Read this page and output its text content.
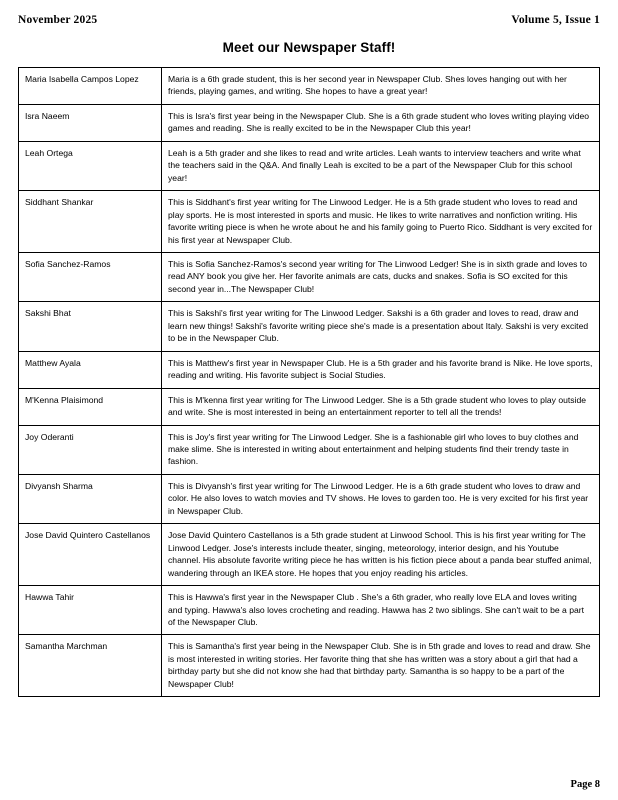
November 2025	Volume 5, Issue 1
Meet our Newspaper Staff!
Maria Isabella Campos Lopez	Maria is a 6th grade student, this is her second year in Newspaper Club. Shes loves hanging out with her friends, playing games, and writing. She hopes to have a great year!
Isra Naeem	This is Isra's first year being in the Newspaper Club. She is a 6th grade student who loves writing playing video games and reading. She is really excited to be in the Newspaper Club this year!
Leah Ortega	Leah is a 5th grader and she likes to read and write articles. Leah wants to interview teachers and write what the teachers said in the Q&A. And finally Leah is excited to be a part of the Newspaper Club for this school year!
Siddhant Shankar	This is Siddhant's first year writing for The Linwood Ledger. He is a 5th grade student who loves to read and play sports. He is most interested in sports and music. He likes to write narratives and nonfiction writing. His favorite writing piece is when he wrote about he and his family going to Puerto Rico. Siddhant is very excited for his first year at Newspaper Club.
Sofia Sanchez-Ramos	This is Sofia Sanchez-Ramos's second year writing for The Linwood Ledger! She is in sixth grade and loves to read ANY book you give her. Her favorite animals are cats, ducks and snakes. Sofia is SO excited for this second year in...The Newspaper Club!
Sakshi Bhat	This is Sakshi's first year writing for The Linwood Ledger. Sakshi is a 6th grader and loves to read, draw and learn new things! Sakshi's favorite writing piece she's made is a presentation about Italy. Sakshi is very excited to be in the Newspaper Club.
Matthew Ayala	This is Matthew's first year in Newspaper Club. He is a 5th grader and his favorite brand is Nike. He love sports, reading and writing. His favorite subject is Social Studies.
M'Kenna Plaisimond	This is M'kenna first year writing for The Linwood Ledger. She is a 5th grade student who loves to play outside and write. She is most interested in being an entertainment reporter to tell all the trends!
Joy Oderanti	This is Joy's first year writing for The Linwood Ledger. She is a fashionable girl who loves to buy clothes and make slime. She is interested in writing about entertainment and helping students find their trendy taste in fashion.
Divyansh Sharma	This is Divyansh's first year writing for The Linwood Ledger. He is a 6th grade student who loves to draw and color. He also loves to watch movies and TV shows. He loves to garden too. He is very excited for his first year in Newspaper Club.
Jose David Quintero Castellanos	Jose David Quintero Castellanos is a 5th grade student at Linwood School. This is his first year writing for The Linwood Ledger. Jose's interests include theater, singing, meteorology, interior design, and his Youtube channel. His absolute favorite writing piece he has written is his fiction piece about a panda bear stuffed animal, wandering through an IKEA store. He hopes that you enjoy reading his articles.
Hawwa Tahir	This is Hawwa's first year in the Newspaper Club . She's a 6th grader, who really love ELA and loves writing and typing. Hawwa's also loves crocheting and reading. Hawwa has 2 two siblings. She can't wait to be a part of the Newspaper Club.
Samantha Marchman	This is Samantha's first year being in the Newspaper Club. She is in 5th grade and loves to read and draw. She is most interested in writing stories. Her favorite thing that she has written was a story about a girl that had a birthday party but she did not know she had that birthday party. Samantha is so happy to be a part of the Newspaper Club!
Page 8
